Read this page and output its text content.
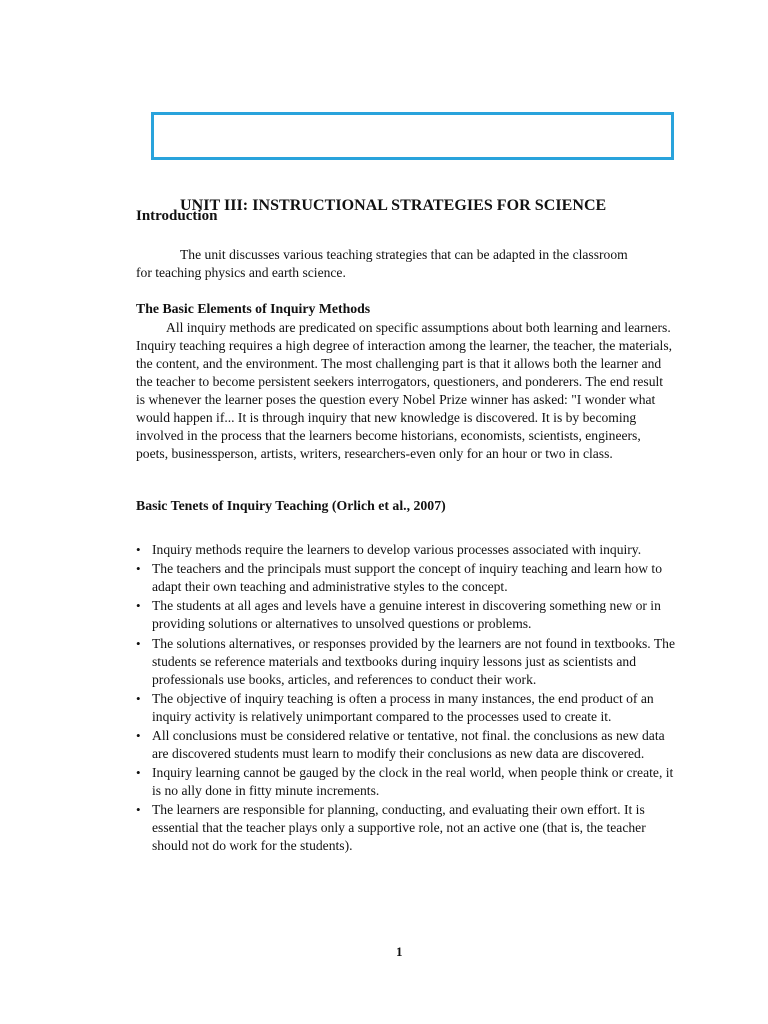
UNIT III: INSTRUCTIONAL STRATEGIES FOR SCIENCE
Introduction
The unit discusses various teaching strategies that can be adapted in the classroom
for teaching physics and earth science.
The Basic Elements of Inquiry Methods
All inquiry methods are predicated on specific assumptions about both learning and learners. Inquiry teaching requires a high degree of interaction among the learner, the teacher, the materials, the content, and the environment. The most challenging part is that it allows both the learner and the teacher to become persistent seekers interrogators, questioners, and ponderers. The end result is whenever the learner poses the question every Nobel Prize winner has asked: "I wonder what would happen if... It is through inquiry that new knowledge is discovered. It is by becoming involved in the process that the learners become historians, economists, scientists, engineers, poets, businessperson, artists, writers, researchers-even only for an hour or two in class.
Basic Tenets of Inquiry Teaching (Orlich et al., 2007)
• Inquiry methods require the learners to develop various processes associated with inquiry.
• The teachers and the principals must support the concept of inquiry teaching and learn how to adapt their own teaching and administrative styles to the concept.
• The students at all ages and levels have a genuine interest in discovering something new or in providing solutions or alternatives to unsolved questions or problems.
• The solutions alternatives, or responses provided by the learners are not found in textbooks. The students se reference materials and textbooks during inquiry lessons just as scientists and professionals use books, articles, and references to conduct their work.
• The objective of inquiry teaching is often a process in many instances, the end product of an inquiry activity is relatively unimportant compared to the processes used to create it.
• All conclusions must be considered relative or tentative, not final. the conclusions as new data are discovered students must learn to modify their conclusions as new data are discovered.
• Inquiry learning cannot be gauged by the clock in the real world, when people think or create, it is no ally done in fitty minute increments.
• The learners are responsible for planning, conducting, and evaluating their own effort. It is essential that the teacher plays only a supportive role, not an active one (that is, the teacher should not do work for the students).
1
